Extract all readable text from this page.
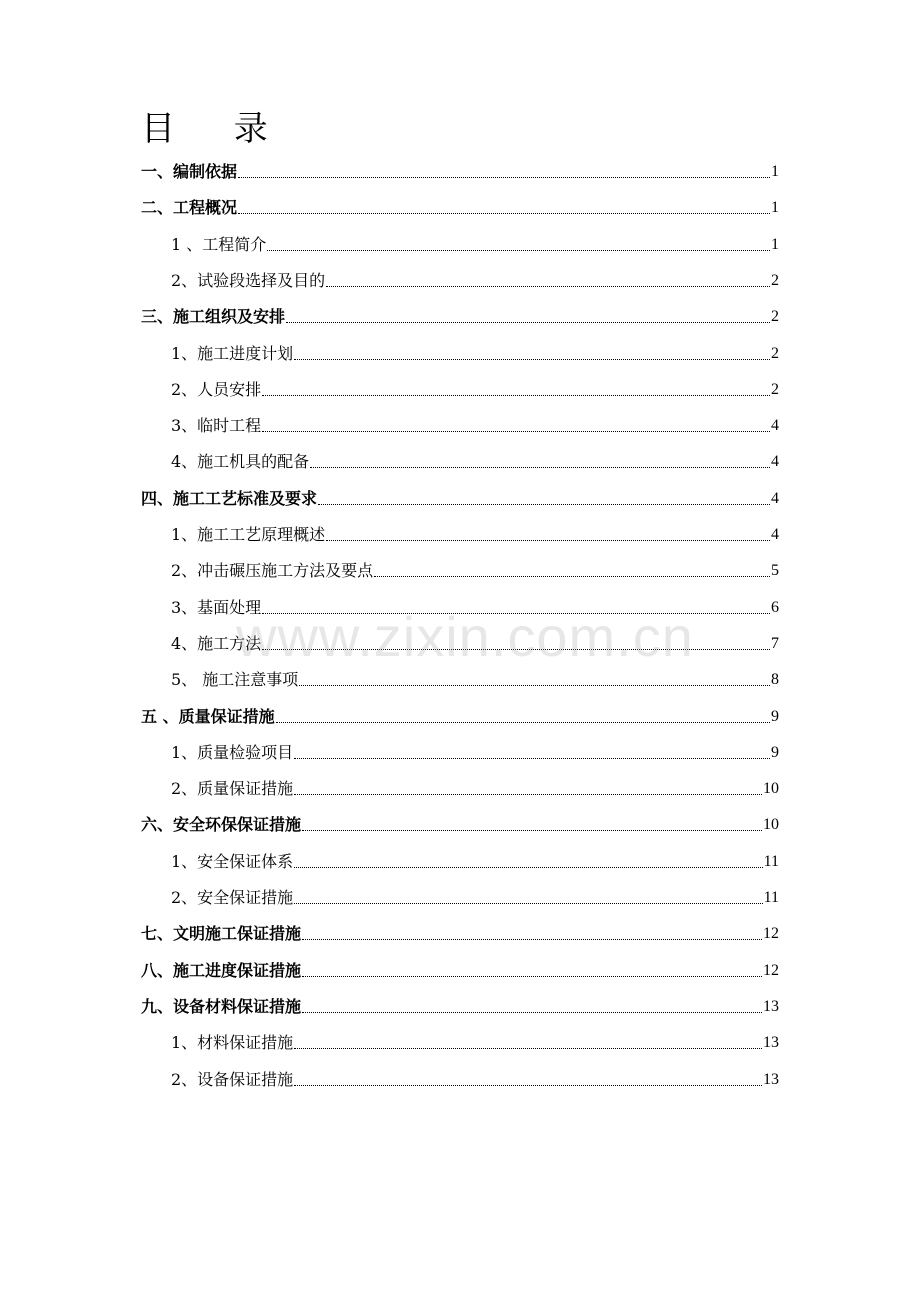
目 录
一、编制依据	1
二、工程概况	1
1 、工程简介	1
2、试验段选择及目的	2
三、施工组织及安排	2
1、施工进度计划	2
2、人员安排	2
3、临时工程	4
4、施工机具的配备	4
四、施工工艺标准及要求	4
1、施工工艺原理概述	4
2、冲击碾压施工方法及要点	5
3、基面处理	6
4、施工方法	7
5、 施工注意事项	8
五 、质量保证措施	9
1、质量检验项目	9
2、质量保证措施	10
六、安全环保保证措施	10
1、安全保证体系	11
2、安全保证措施	11
七、文明施工保证措施	12
八、施工进度保证措施	12
九、设备材料保证措施	13
1、材料保证措施	13
2、设备保证措施	13
www.zixin.com.cn
